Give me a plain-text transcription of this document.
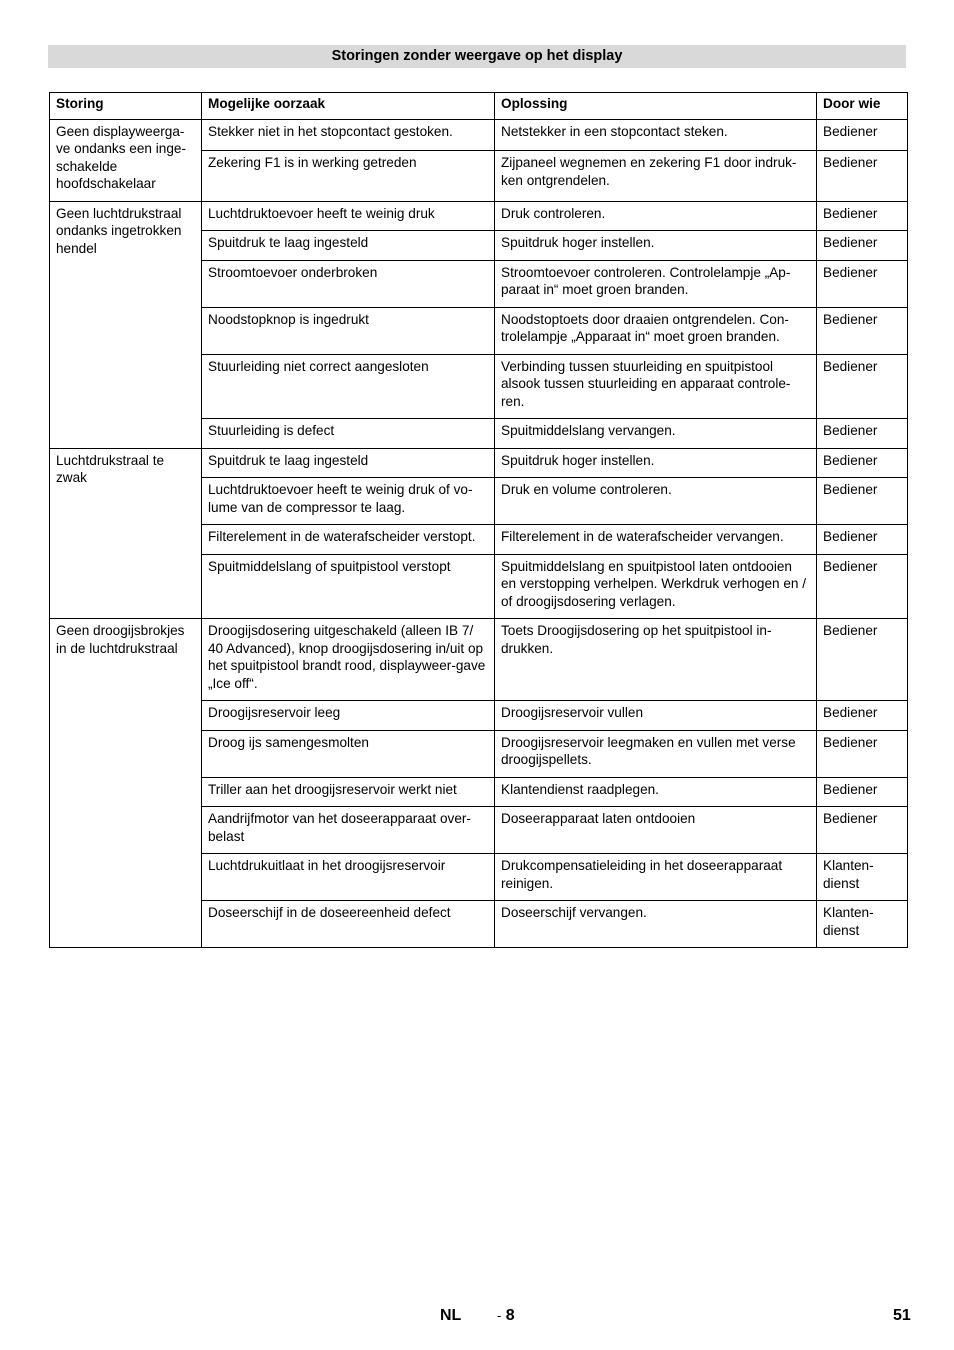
Storingen zonder weergave op het display
Storing	Mogelijke oorzaak	Oplossing	Door wie
Geen displayweerga-ve ondanks een inge-schakelde hoofdschakelaar	Stekker niet in het stopcontact gestoken.	Netstekker in een stopcontact steken.	Bediener
	Zekering F1 is in werking getreden	Zijpaneel wegnemen en zekering F1 door indruk-ken ontgrendelen.	Bediener
Geen luchtdrukstraal ondanks ingetrokken hendel	Luchtdruktoevoer heeft te weinig druk	Druk controleren.	Bediener
	Spuitdruk te laag ingesteld	Spuitdruk hoger instellen.	Bediener
	Stroomtoevoer onderbroken	Stroomtoevoer controleren. Controlelampje „Ap-paraat in“ moet groen branden.	Bediener
	Noodstopknop is ingedrukt	Noodstoptoets door draaien ontgrendelen. Con-trolelampje „Apparaat in“ moet groen branden.	Bediener
	Stuurleiding niet correct aangesloten	Verbinding tussen stuurleiding en spuitpistool alsook tussen stuurleiding en apparaat controle-ren.	Bediener
	Stuurleiding is defect	Spuitmiddelslang vervangen.	Bediener
Luchtdrukstraal te zwak	Spuitdruk te laag ingesteld	Spuitdruk hoger instellen.	Bediener
	Luchtdruktoevoer heeft te weinig druk of vo-lume van de compressor te laag.	Druk en volume controleren.	Bediener
	Filterelement in de waterafscheider verstopt.	Filterelement in de waterafscheider vervangen.	Bediener
	Spuitmiddelslang of spuitpistool verstopt	Spuitmiddelslang en spuitpistool laten ontdooien en verstopping verhelpen. Werkdruk verhogen en / of droogijsdosering verlagen.	Bediener
Geen droogijsbrokjes in de luchtdrukstraal	Droogijsdosering uitgeschakeld (alleen IB 7/ 40 Advanced), knop droogijsdosering in/uit op het spuitpistool brandt rood, displayweer-gave „Ice off“.	Toets Droogijsdosering op het spuitpistool in-drukken.	Bediener
	Droogijsreservoir leeg	Droogijsreservoir vullen	Bediener
	Droog ijs samengesmolten	Droogijsreservoir leegmaken en vullen met verse droogijspellets.	Bediener
	Triller aan het droogijsreservoir werkt niet	Klantendienst raadplegen.	Bediener
	Aandrijfmotor van het doseerapparaat over-belast	Doseerapparaat laten ontdooien	Bediener
	Luchtdrukuitlaat in het droogijsreservoir	Drukcompensatieleiding in het doseerapparaat reinigen.	Klanten-dienst
	Doseerschijf in de doseereenheid defect	Doseerschijf vervangen.	Klanten-dienst
NL	- 8	51
